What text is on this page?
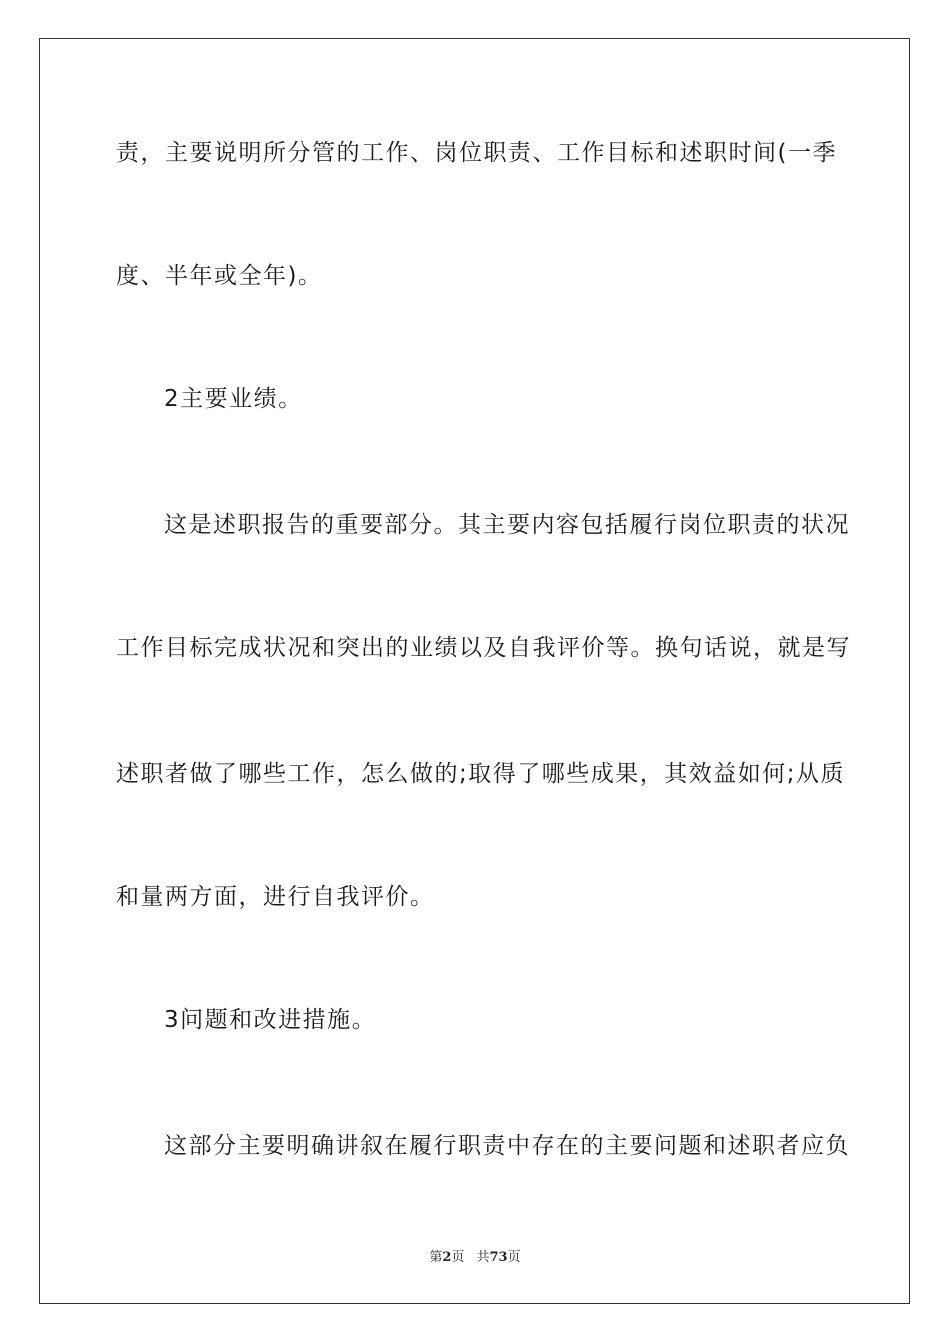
责，主要说明所分管的工作、岗位职责、工作目标和述职时间(一季
度、半年或全年)。
2主要业绩。
这是述职报告的重要部分。其主要内容包括履行岗位职责的状况
工作目标完成状况和突出的业绩以及自我评价等。换句话说，就是写
述职者做了哪些工作，怎么做的;取得了哪些成果，其效益如何;从质
和量两方面，进行自我评价。
3问题和改进措施。
这部分主要明确讲叙在履行职责中存在的主要问题和述职者应负
第2页 共73页
